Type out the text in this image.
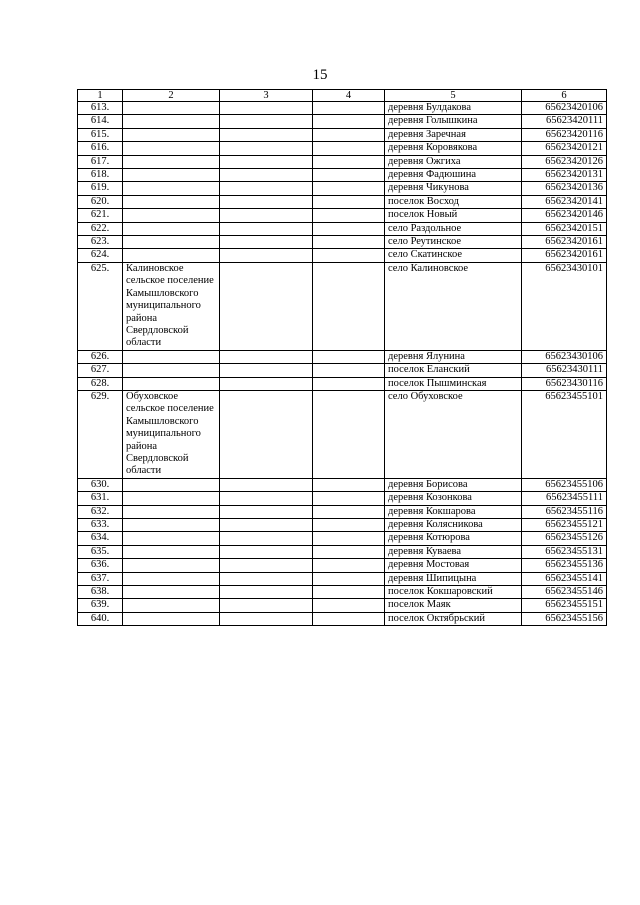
15
1	2	3	4	5	6
613.				деревня Булдакова	65623420106
614.				деревня Голышкина	65623420111
615.				деревня Заречная	65623420116
616.				деревня Коровякова	65623420121
617.				деревня Ожгиха	65623420126
618.				деревня Фадюшина	65623420131
619.				деревня Чикунова	65623420136
620.				поселок Восход	65623420141
621.				поселок Новый	65623420146
622.				село Раздольное	65623420151
623.				село Реутинское	65623420161
624.				село Скатинское	65623420161
625.	Калиновское сельское поселение Камышловского муниципального района Свердловской области			село Калиновское	65623430101
626.				деревня Ялунина	65623430106
627.				поселок Еланский	65623430111
628.				поселок Пышминская	65623430116
629.	Обуховское сельское поселение Камышловского муниципального района Свердловской области			село Обуховское	65623455101
630.				деревня Борисова	65623455106
631.				деревня Козонкова	65623455111
632.				деревня Кокшарова	65623455116
633.				деревня Колясникова	65623455121
634.				деревня Котюрова	65623455126
635.				деревня Куваева	65623455131
636.				деревня Мостовая	65623455136
637.				деревня Шипицына	65623455141
638.				поселок Кокшаровский	65623455146
639.				поселок Маяк	65623455151
640.				поселок Октябрьский	65623455156
